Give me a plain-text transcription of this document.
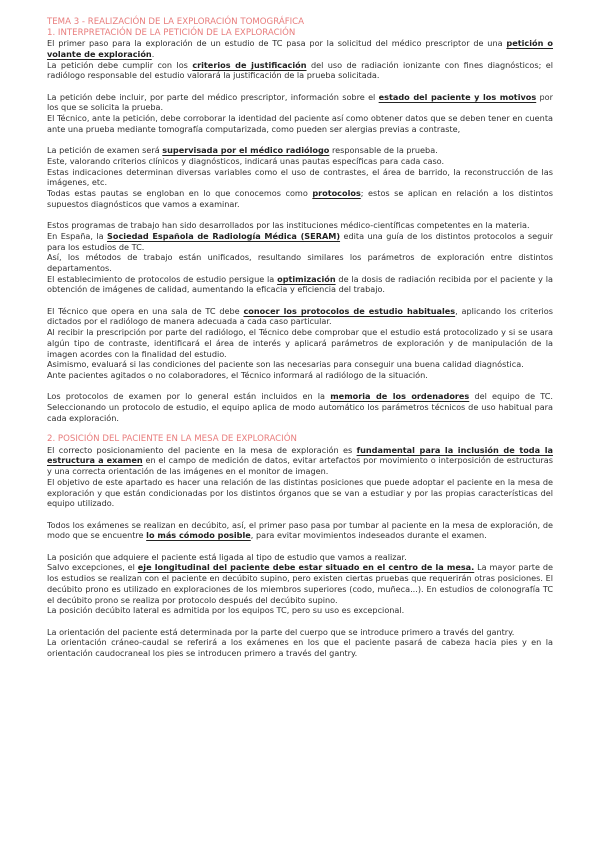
TEMA 3 - REALIZACIÓN DE LA EXPLORACIÓN TOMOGRÁFICA
1. INTERPRETACIÓN DE LA PETICIÓN DE LA EXPLORACIÓN

El primer paso para la exploración de un estudio de TC pasa por la solicitud del médico prescriptor de una petición o volante de exploración.

La petición debe cumplir con los criterios de justificación del uso de radiación ionizante con fines diagnósticos; el radiólogo responsable del estudio valorará la justificación de la prueba solicitada.

La petición debe incluir, por parte del médico prescriptor, información sobre el estado del paciente y los motivos por los que se solicita la prueba.

El Técnico, ante la petición, debe corroborar la identidad del paciente así como obtener datos que se deben tener en cuenta ante una prueba mediante tomografía computarizada, como pueden ser alergias previas a contraste,

La petición de examen será supervisada por el médico radiólogo responsable de la prueba.

Este, valorando criterios clínicos y diagnósticos, indicará unas pautas específicas para cada caso.

Estas indicaciones determinan diversas variables como el uso de contrastes, el área de barrido, la reconstrucción de las imágenes, etc.

Todas estas pautas se engloban en lo que conocemos como protocolos; estos se aplican en relación a los distintos supuestos diagnósticos que vamos a examinar.

Estos programas de trabajo han sido desarrollados por las instituciones médico-científicas competentes en la materia.

En España, la Sociedad Española de Radiología Médica (SERAM) edita una guía de los distintos protocolos a seguir para los estudios de TC.

Así, los métodos de trabajo están unificados, resultando similares los parámetros de exploración entre distintos departamentos.

El establecimiento de protocolos de estudio persigue la optimización de la dosis de radiación recibida por el paciente y la obtención de imágenes de calidad, aumentando la eficacia y eficiencia del trabajo.

El Técnico que opera en una sala de TC debe conocer los protocolos de estudio habituales, aplicando los criterios dictados por el radiólogo de manera adecuada a cada caso particular.

Al recibir la prescripción por parte del radiólogo, el Técnico debe comprobar que el estudio está protocolizado y si se usara algún tipo de contraste, identificará el área de interés y aplicará parámetros de exploración y de manipulación de la imagen acordes con la finalidad del estudio.

Asimismo, evaluará si las condiciones del paciente son las necesarias para conseguir una buena calidad diagnóstica.

Ante pacientes agitados o no colaboradores, el Técnico informará al radiólogo de la situación.

Los protocolos de examen por lo general están incluidos en la memoria de los ordenadores del equipo de TC. Seleccionando un protocolo de estudio, el equipo aplica de modo automático los parámetros técnicos de uso habitual para cada exploración.

2. POSICIÓN DEL PACIENTE EN LA MESA DE EXPLORACIÓN

El correcto posicionamiento del paciente en la mesa de exploración es fundamental para la inclusión de toda la estructura a examen en el campo de medición de datos, evitar artefactos por movimiento o interposición de estructuras y una correcta orientación de las imágenes en el monitor de imagen.

El objetivo de este apartado es hacer una relación de las distintas posiciones que puede adoptar el paciente en la mesa de exploración y que están condicionadas por los distintos órganos que se van a estudiar y por las propias características del equipo utilizado.

Todos los exámenes se realizan en decúbito, así, el primer paso pasa por tumbar al paciente en la mesa de exploración, de modo que se encuentre lo más cómodo posible, para evitar movimientos indeseados durante el examen.

La posición que adquiere el paciente está ligada al tipo de estudio que vamos a realizar.

Salvo excepciones, el eje longitudinal del paciente debe estar situado en el centro de la mesa. La mayor parte de los estudios se realizan con el paciente en decúbito supino, pero existen ciertas pruebas que requerirán otras posiciones. El decúbito prono es utilizado en exploraciones de los miembros superiores (codo, muñeca...). En estudios de colonografía TC el decúbito prono se realiza por protocolo después del decúbito supino.

La posición decúbito lateral es admitida por los equipos TC, pero su uso es excepcional.

La orientación del paciente está determinada por la parte del cuerpo que se introduce primero a través del gantry.

La orientación cráneo-caudal se referirá a los exámenes en los que el paciente pasará de cabeza hacia pies y en la orientación caudocraneal los pies se introducen primero a través del gantry.
